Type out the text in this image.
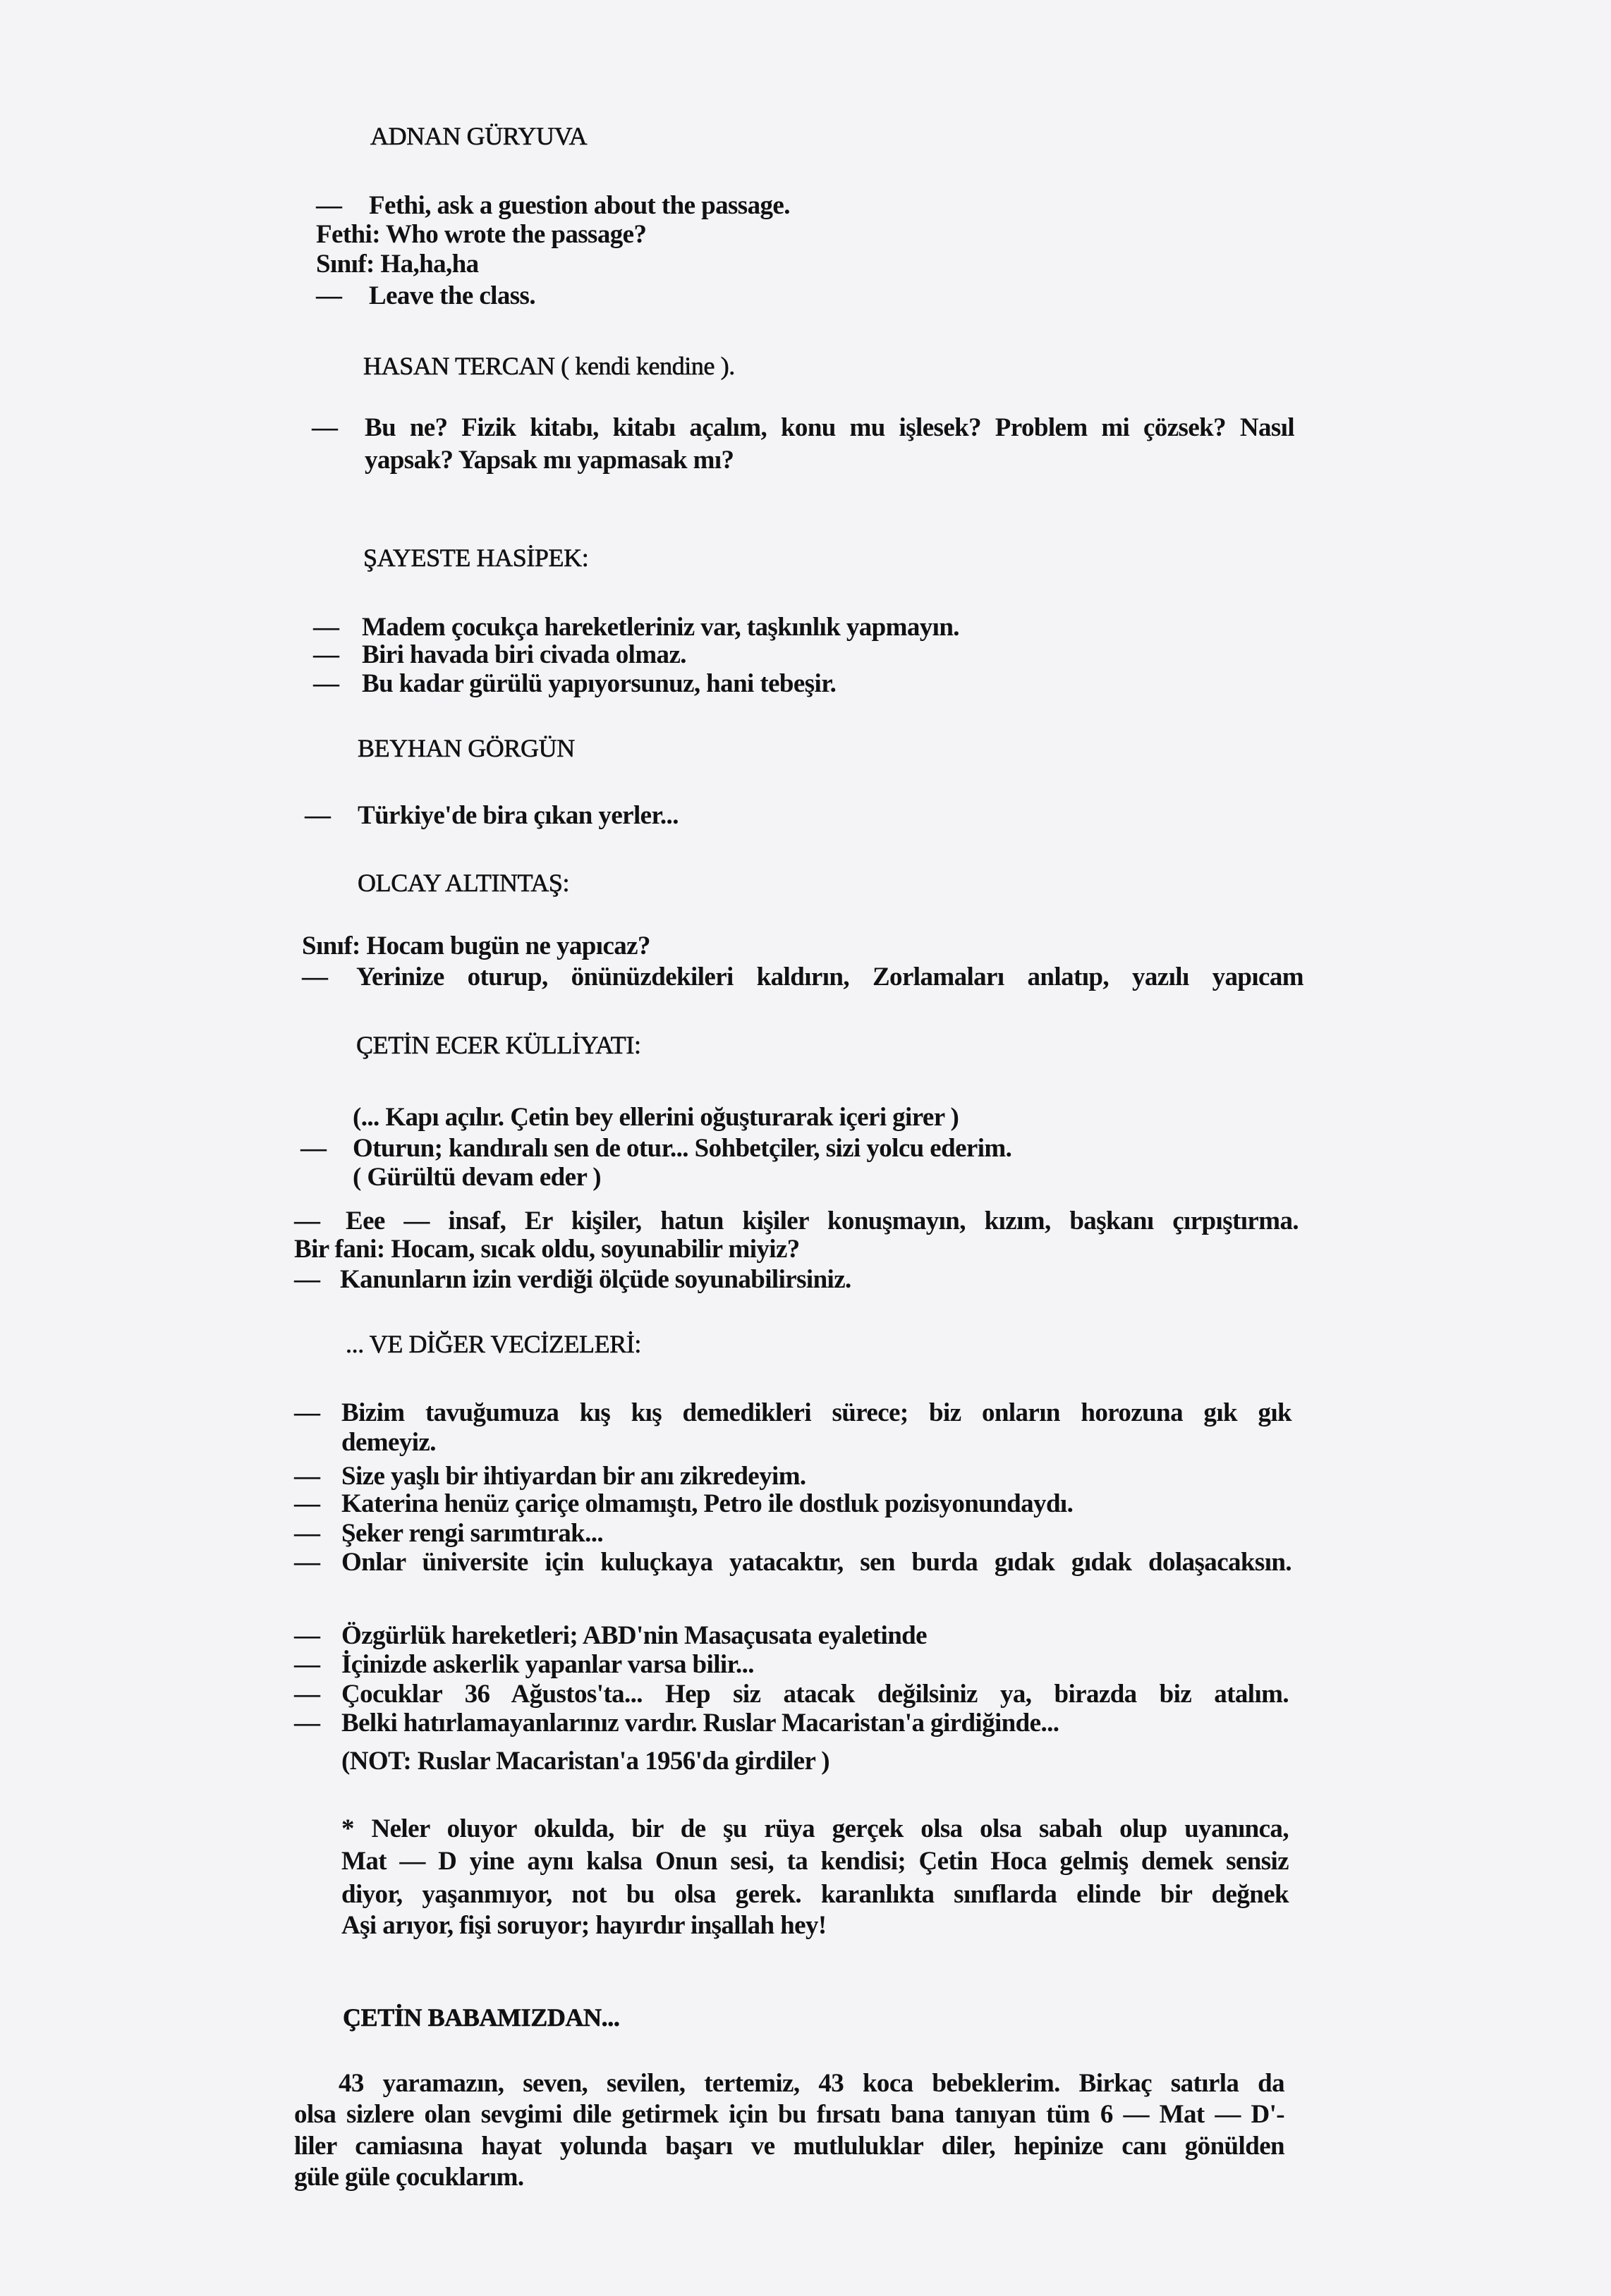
ADNAN GÜRYUVA
— Fethi, ask a guestion about the passage.
Fethi: Who wrote the passage?
Sınıf: Ha,ha,ha
— Leave the class.
HASAN TERCAN ( kendi kendine ).
— Bu ne? Fizik kitabı, kitabı açalım, konu mu işlesek? Problem mi çözsek? Nasıl
yapsak? Yapsak mı yapmasak mı?
ŞAYESTE HASİPEK:
— Madem çocukça hareketleriniz var, taşkınlık yapmayın.
— Biri havada biri civada olmaz.
— Bu kadar gürülü yapıyorsunuz, hani tebeşir.
BEYHAN GÖRGÜN
— Türkiye'de bira çıkan yerler...
OLCAY ALTINTAŞ:
Sınıf: Hocam bugün ne yapıcaz?
— Yerinize oturup, önünüzdekileri kaldırın, Zorlamaları anlatıp, yazılı yapıcam
ÇETİN ECER KÜLLİYATI:
(... Kapı açılır. Çetin bey ellerini oğuşturarak içeri girer )
— Oturun; kandıralı sen de otur... Sohbetçiler, sizi yolcu ederim.
( Gürültü devam eder )
— Eee — insaf, Er kişiler, hatun kişiler konuşmayın, kızım, başkanı çırpıştırma.
Bir fani: Hocam, sıcak oldu, soyunabilir miyiz?
— Kanunların izin verdiği ölçüde soyunabilirsiniz.
... VE DİĞER VECİZELERİ:
— Bizim tavuğumuza kış kış demedikleri sürece; biz onların horozuna gık gık
demeyiz.
— Size yaşlı bir ihtiyardan bir anı zikredeyim.
— Katerina henüz çariçe olmamıştı, Petro ile dostluk pozisyonundaydı.
— Şeker rengi sarımtırak...
— Onlar üniversite için kuluçkaya yatacaktır, sen burda gıdak gıdak dolaşacaksın.
— Özgürlük hareketleri; ABD'nin Masaçusata eyaletinde
— İçinizde askerlik yapanlar varsa bilir...
— Çocuklar 36 Ağustos'ta... Hep siz atacak değilsiniz ya, birazda biz atalım.
— Belki hatırlamayanlarınız vardır. Ruslar Macaristan'a girdiğinde...
(NOT: Ruslar Macaristan'a 1956'da girdiler )
* Neler oluyor okulda, bir de şu rüya gerçek olsa olsa sabah olup uyanınca,
Mat — D yine aynı kalsa Onun sesi, ta kendisi; Çetin Hoca gelmiş demek sensiz
diyor, yaşanmıyor, not bu olsa gerek. karanlıkta sınıflarda elinde bir değnek
Aşi arıyor, fişi soruyor; hayırdır inşallah hey!
ÇETİN BABAMIZDAN...
43 yaramazın, seven, sevilen, tertemiz, 43 koca bebeklerim. Birkaç satırla da
olsa sizlere olan sevgimi dile getirmek için bu fırsatı bana tanıyan tüm 6 — Mat — D'-
liler camiasına hayat yolunda başarı ve mutluluklar diler, hepinize canı gönülden
güle güle çocuklarım.
